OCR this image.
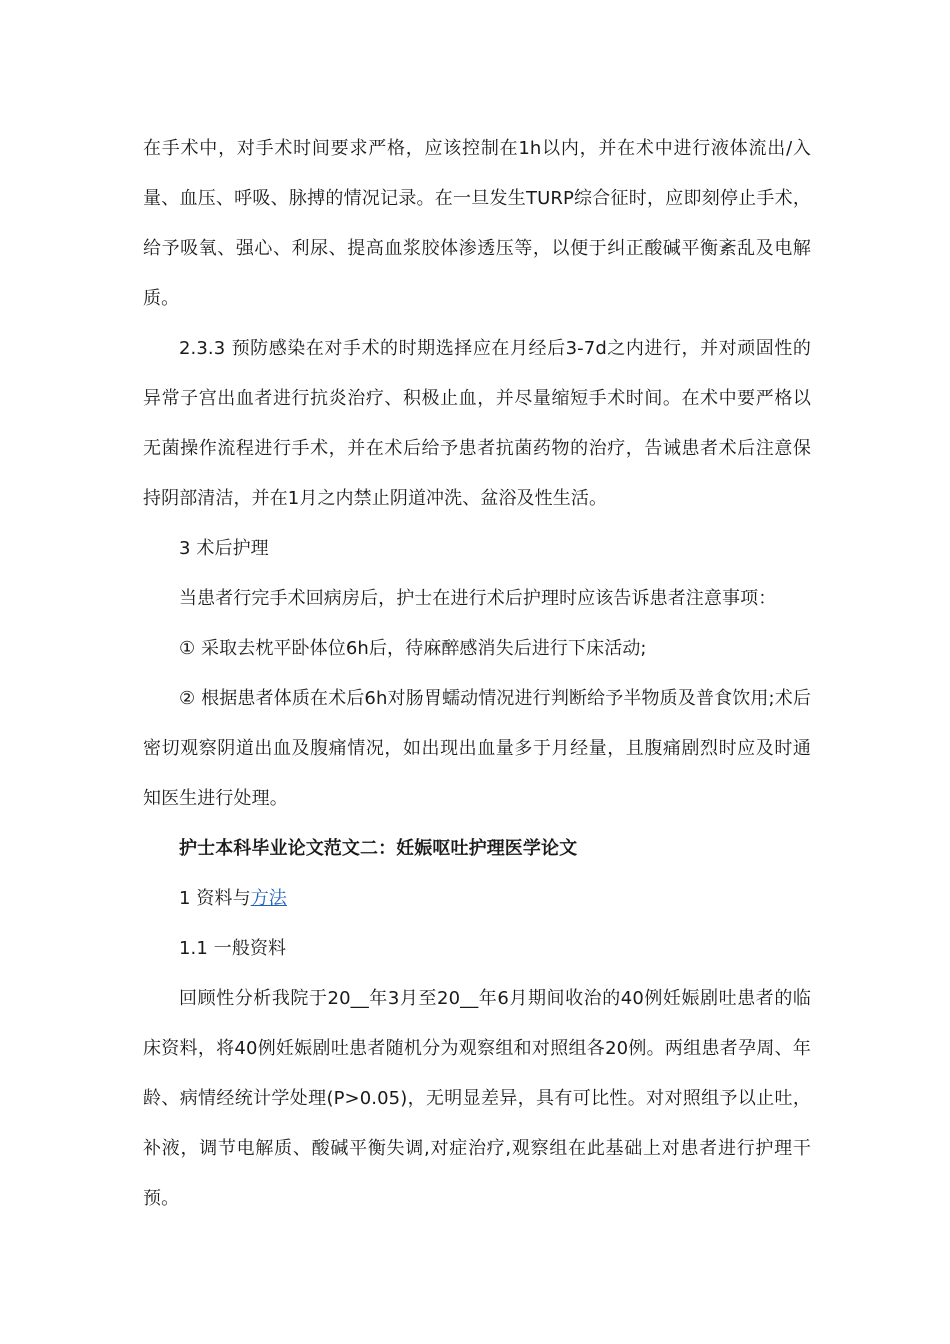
在手术中，对手术时间要求严格，应该控制在1h以内，并在术中进行液体流出/入量、血压、呼吸、脉搏的情况记录。在一旦发生TURP综合征时，应即刻停止手术，给予吸氧、强心、利尿、提高血浆胶体渗透压等，以便于纠正酸碱平衡紊乱及电解质。

2.3.3 预防感染在对手术的时期选择应在月经后3-7d之内进行，并对顽固性的异常子宫出血者进行抗炎治疗、积极止血，并尽量缩短手术时间。在术中要严格以无菌操作流程进行手术，并在术后给予患者抗菌药物的治疗，告诫患者术后注意保持阴部清洁，并在1月之内禁止阴道冲洗、盆浴及性生活。

3 术后护理

当患者行完手术回病房后，护士在进行术后护理时应该告诉患者注意事项：

① 采取去枕平卧体位6h后，待麻醉感消失后进行下床活动;

② 根据患者体质在术后6h对肠胃蠕动情况进行判断给予半物质及普食饮用;术后密切观察阴道出血及腹痛情况，如出现出血量多于月经量，且腹痛剧烈时应及时通知医生进行处理。

护士本科毕业论文范文二：妊娠呕吐护理医学论文

1 资料与方法

1.1 一般资料

回顾性分析我院于20__年3月至20__年6月期间收治的40例妊娠剧吐患者的临床资料，将40例妊娠剧吐患者随机分为观察组和对照组各20例。两组患者孕周、年龄、病情经统计学处理(P>0.05)，无明显差异，具有可比性。对对照组予以止吐，补液，调节电解质、酸碱平衡失调,对症治疗,观察组在此基础上对患者进行护理干预。
